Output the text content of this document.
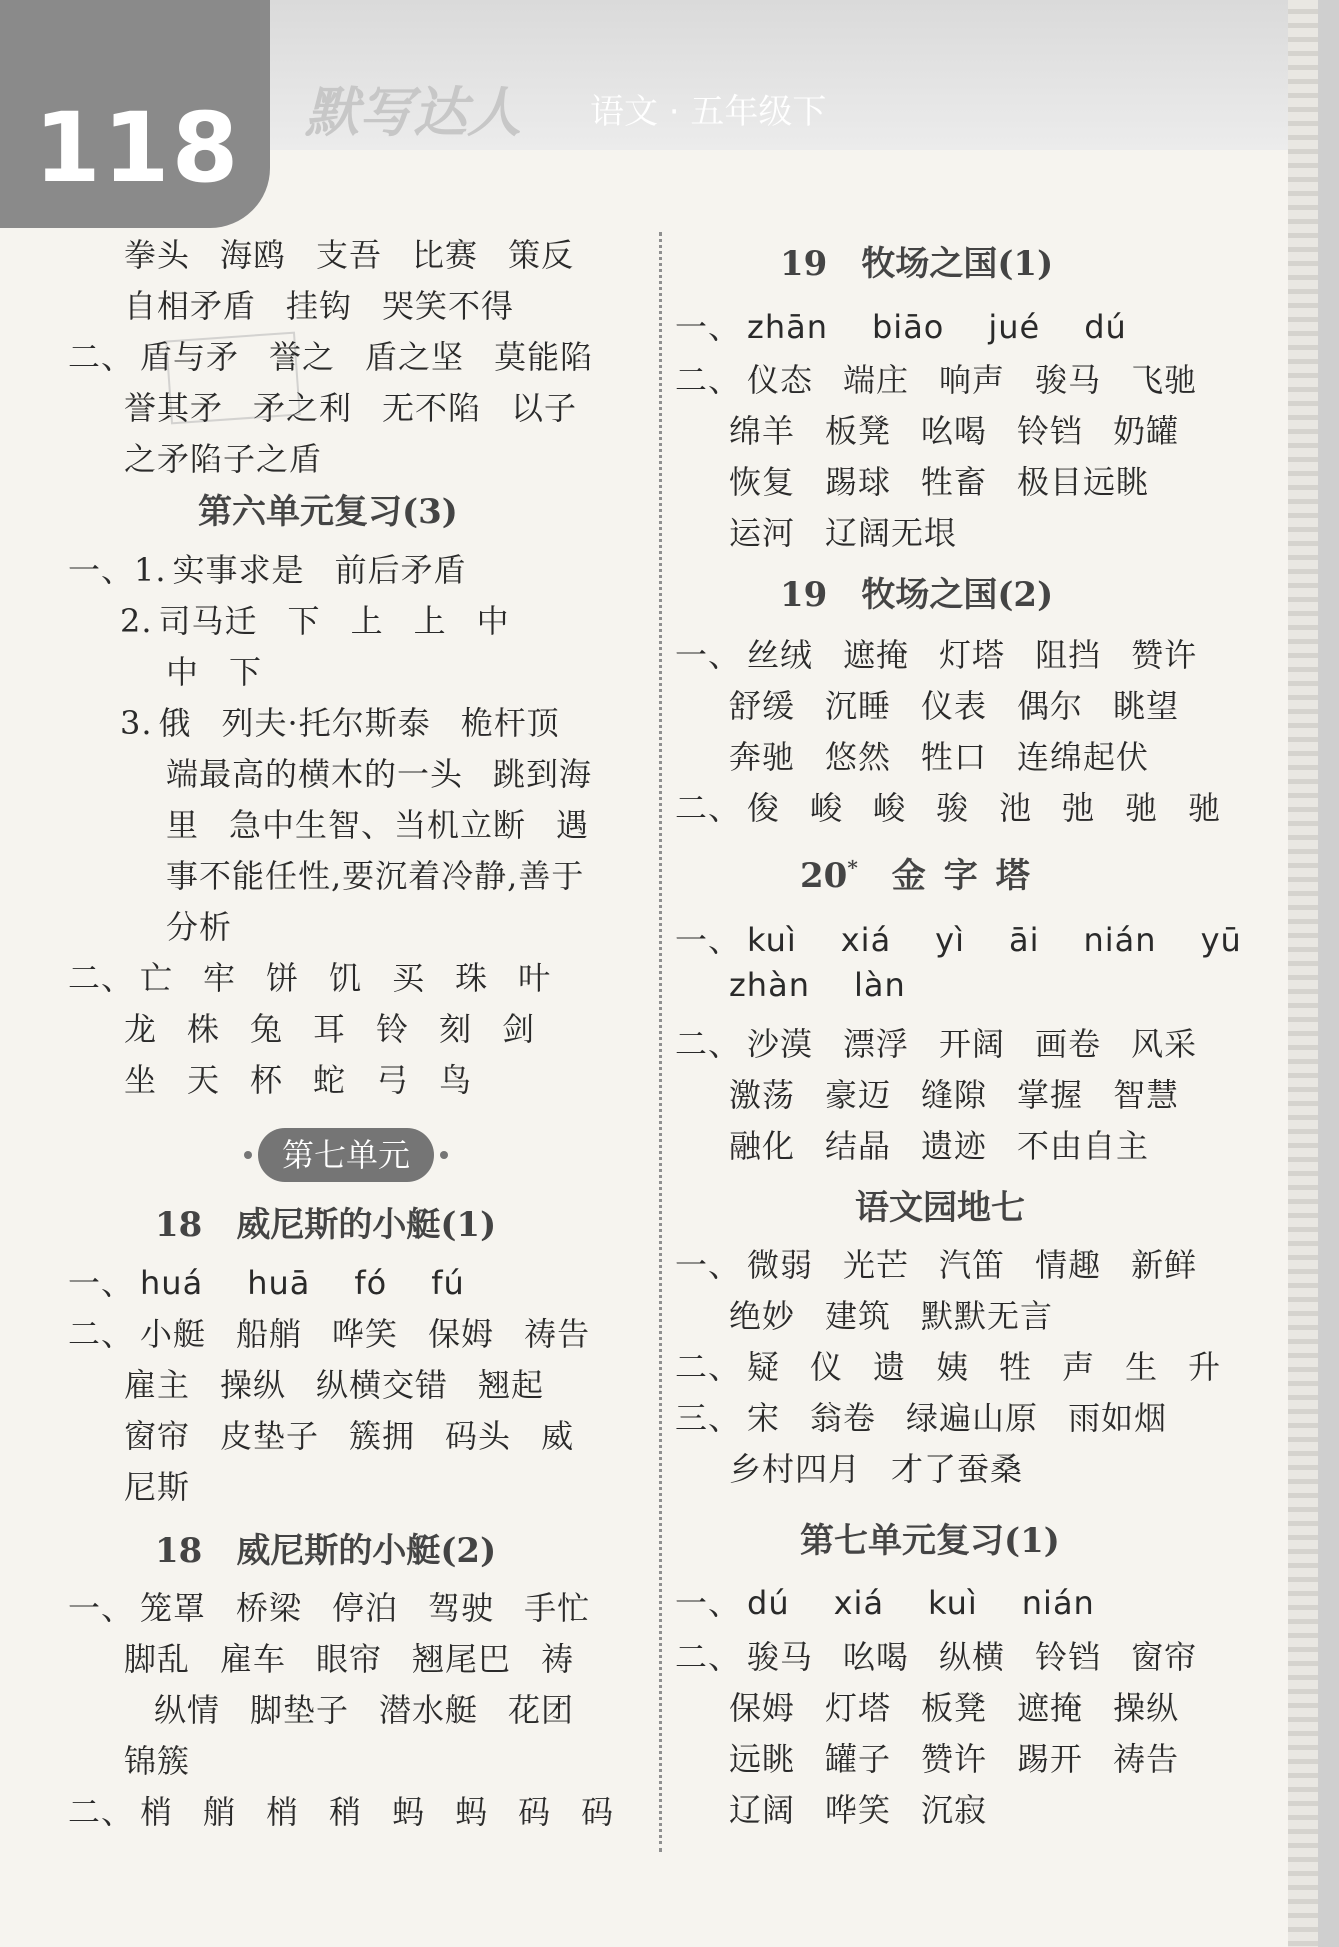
118 默写达人 语文 · 五年级下
拳头 海鸥 支吾 比赛 策反
自相矛盾 挂钩 哭笑不得
二、 盾与矛 誉之 盾之坚 莫能陷
誉其矛 矛之利 无不陷 以子
之矛陷子之盾
第六单元复习(3)
一、1. 实事求是 前后矛盾
2. 司马迁 下 上 上 中
中 下
3. 俄 列夫·托尔斯泰 桅杆顶
端最高的横木的一头 跳到海
里 急中生智、当机立断 遇
事不能任性,要沉着冷静,善于
分析
二、 亡 牢 饼 饥 买 珠 叶
龙 株 兔 耳 铃 刻 剑
坐 天 杯 蛇 弓 鸟
18 威尼斯的小艇(1)
一、 huá huā fó fú
二、 小艇 船艄 哗笑 保姆 祷告
雇主 操纵 纵横交错 翘起
窗帘 皮垫子 簇拥 码头 威
尼斯
18 威尼斯的小艇(2)
一、 笼罩 桥梁 停泊 驾驶 手忙
脚乱 雇车 眼帘 翘尾巴 祷
纵情 脚垫子 潜水艇 花团
锦簇
二、 梢 艄 梢 稍 蚂 蚂 码 码
第七单元
19 牧场之国(1)
一、 zhān biāo jué dú
二、 仪态 端庄 响声 骏马 飞驰
绵羊 板凳 吆喝 铃铛 奶罐
恢复 踢球 牲畜 极目远眺
运河 辽阔无垠
19 牧场之国(2)
一、 丝绒 遮掩 灯塔 阻挡 赞许
舒缓 沉睡 仪表 偶尔 眺望
奔驰 悠然 牲口 连绵起伏
二、 俊 峻 峻 骏 池 弛 驰 驰
20* 金字塔
一、 kuì xiá yì āi nián yū
zhàn làn
二、 沙漠 漂浮 开阔 画卷 风采
激荡 豪迈 缝隙 掌握 智慧
融化 结晶 遗迹 不由自主
语文园地七
一、 微弱 光芒 汽笛 情趣 新鲜
绝妙 建筑 默默无言
二、 疑 仪 遗 姨 牲 声 生 升
三、 宋 翁卷 绿遍山原 雨如烟
乡村四月 才了蚕桑
第七单元复习(1)
一、 dú xiá kuì nián
二、 骏马 吆喝 纵横 铃铛 窗帘
保姆 灯塔 板凳 遮掩 操纵
远眺 罐子 赞许 踢开 祷告
辽阔 哗笑 沉寂
